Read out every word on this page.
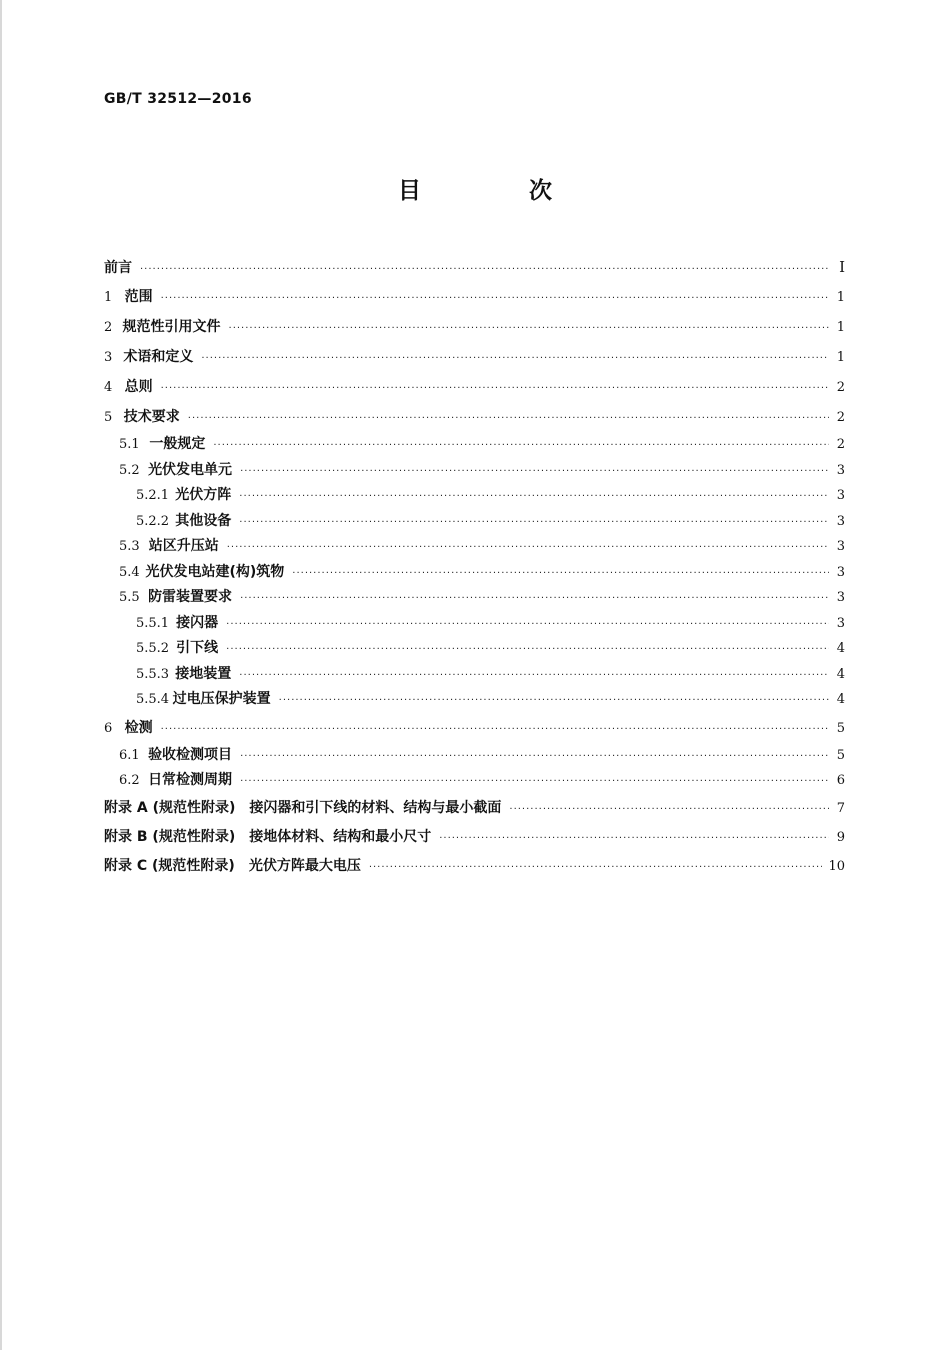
GB/T 32512—2016
目 次
前言 ·····	I
1 范围 ·····	1
2 规范性引用文件 ·····	1
3 术语和定义 ·····	1
4 总则 ·····	2
5 技术要求 ·····	2
5.1 一般规定 ·····	2
5.2 光伏发电单元 ·····	3
5.2.1 光伏方阵 ·····	3
5.2.2 其他设备 ·····	3
5.3 站区升压站 ·····	3
5.4 光伏发电站建(构)筑物 ·····	3
5.5 防雷装置要求 ·····	3
5.5.1 接闪器 ·····	3
5.5.2 引下线 ·····	4
5.5.3 接地装置 ·····	4
5.5.4 过电压保护装置 ·····	4
6 检测 ·····	5
6.1 验收检测项目 ·····	5
6.2 日常检测周期 ·····	6
附录 A (规范性附录)　接闪器和引下线的材料、结构与最小截面 ·····	7
附录 B (规范性附录)　接地体材料、结构和最小尺寸 ·····	9
附录 C (规范性附录)　光伏方阵最大电压 ·····	10
